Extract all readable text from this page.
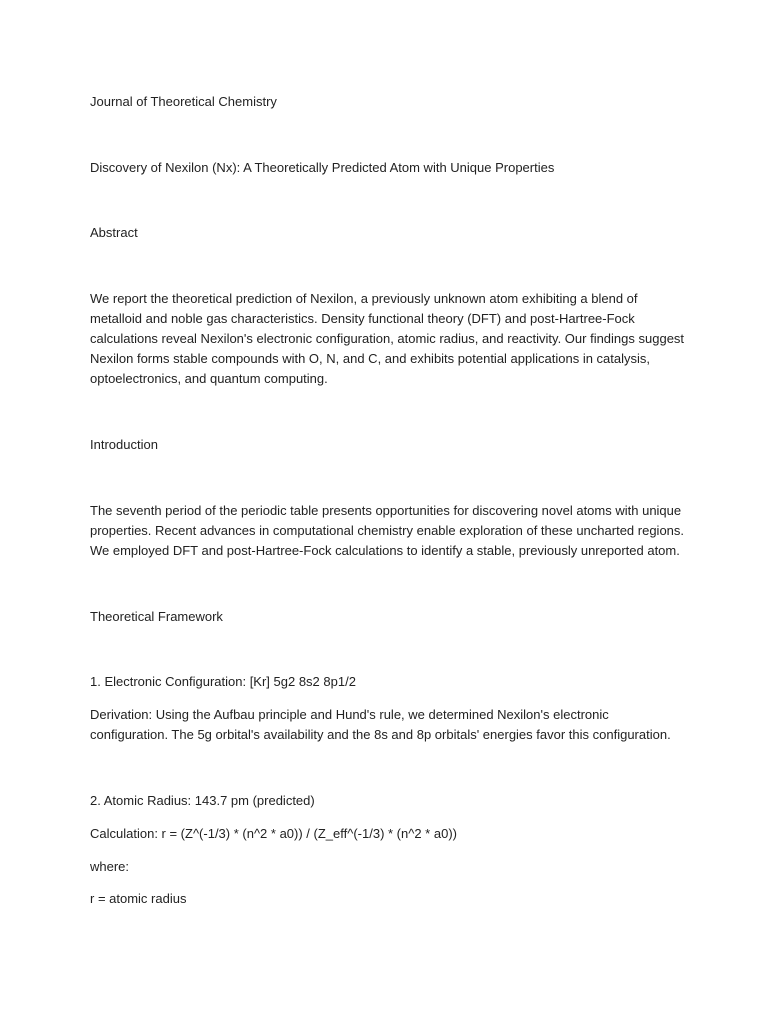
Journal of Theoretical Chemistry

Discovery of Nexilon (Nx): A Theoretically Predicted Atom with Unique Properties

Abstract

We report the theoretical prediction of Nexilon, a previously unknown atom exhibiting a blend of metalloid and noble gas characteristics. Density functional theory (DFT) and post-Hartree-Fock calculations reveal Nexilon's electronic configuration, atomic radius, and reactivity. Our findings suggest Nexilon forms stable compounds with O, N, and C, and exhibits potential applications in catalysis, optoelectronics, and quantum computing.

Introduction

The seventh period of the periodic table presents opportunities for discovering novel atoms with unique properties. Recent advances in computational chemistry enable exploration of these uncharted regions. We employed DFT and post-Hartree-Fock calculations to identify a stable, previously unreported atom.

Theoretical Framework

1. Electronic Configuration: [Kr] 5g2 8s2 8p1/2

Derivation: Using the Aufbau principle and Hund's rule, we determined Nexilon's electronic configuration. The 5g orbital's availability and the 8s and 8p orbitals' energies favor this configuration.

2. Atomic Radius: 143.7 pm (predicted)

Calculation: r = (Z^(-1/3) * (n^2 * a0)) / (Z_eff^(-1/3) * (n^2 * a0))

where:

r = atomic radius
